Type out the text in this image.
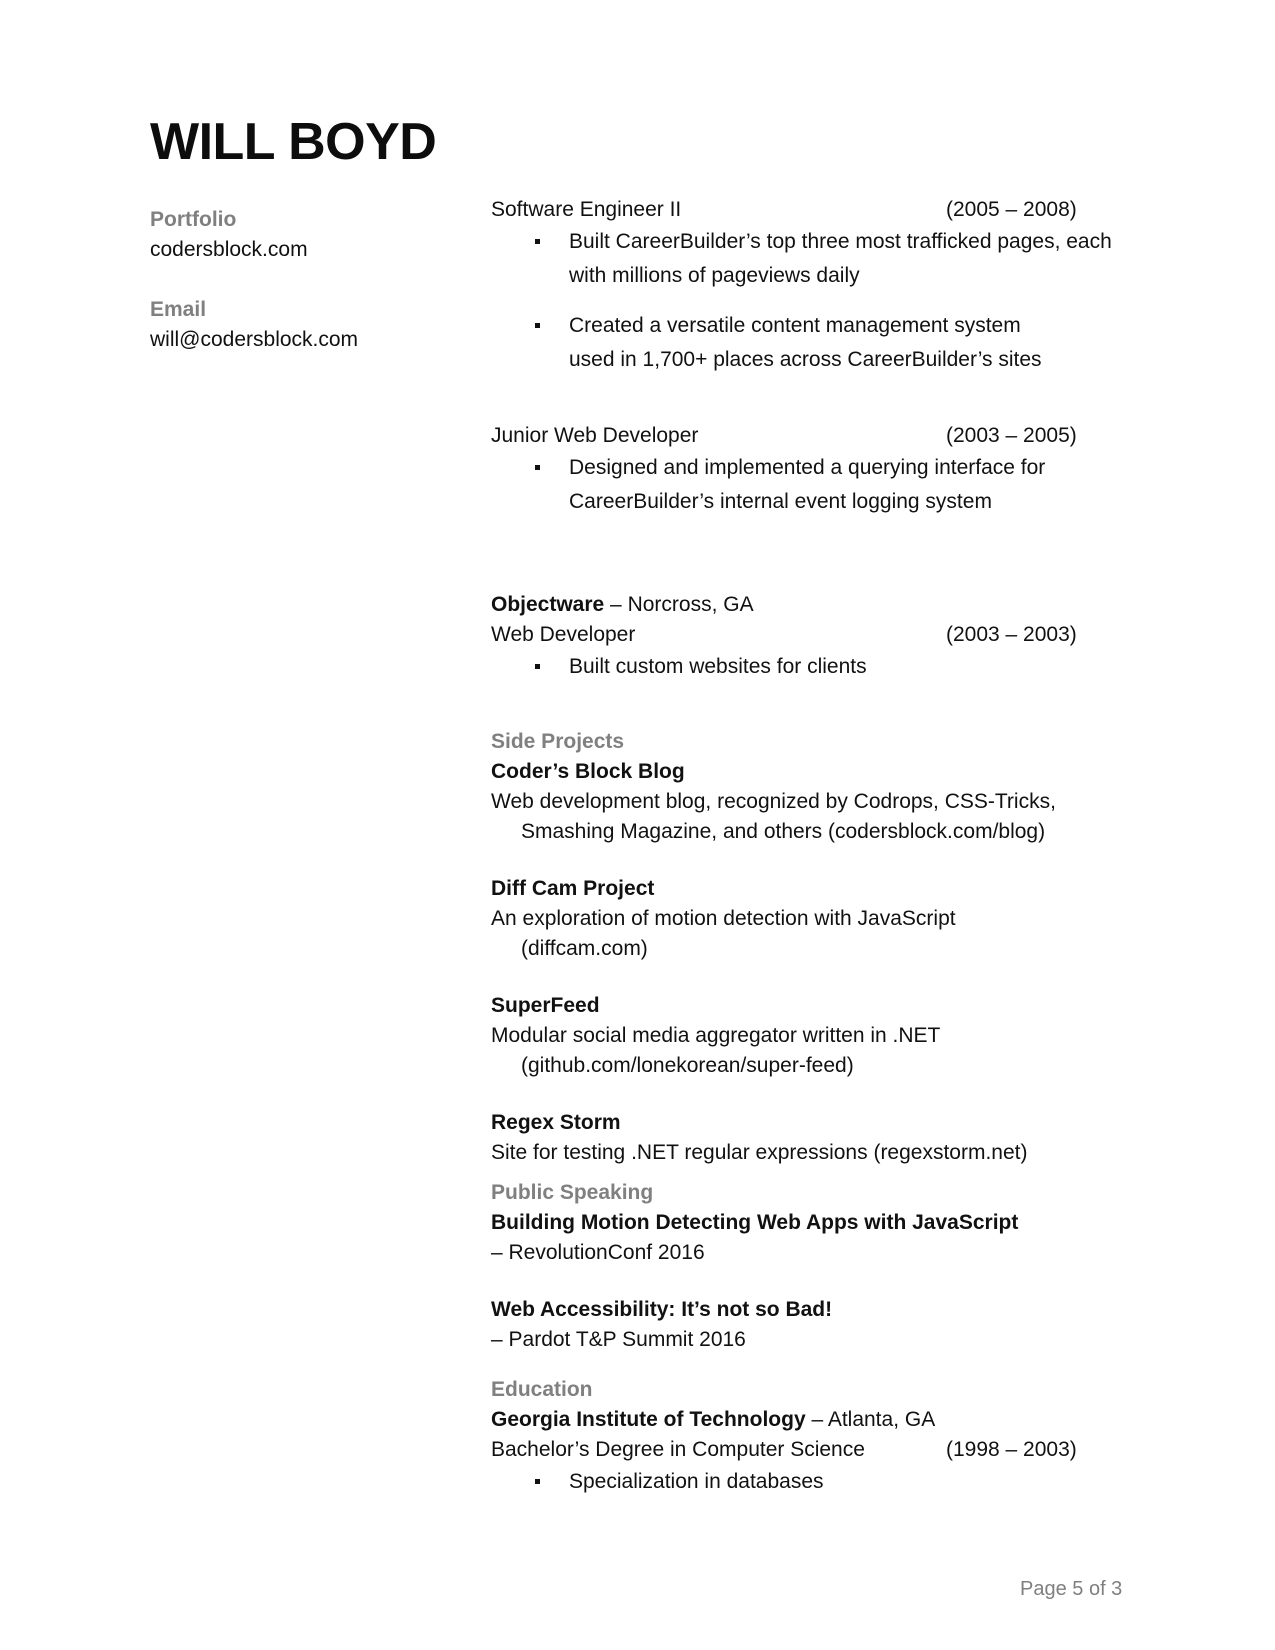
WILL BOYD
Portfolio
codersblock.com
Email
will@codersblock.com
Software Engineer II	(2005 – 2008)
Built CareerBuilder’s top three most trafficked pages, each with millions of pageviews daily
Created a versatile content management system used in 1,700+ places across CareerBuilder’s sites
Junior Web Developer	(2003 – 2005)
Designed and implemented a querying interface for CareerBuilder’s internal event logging system
Objectware – Norcross, GA
Web Developer	(2003 – 2003)
Built custom websites for clients
Side Projects
Coder’s Block Blog
Web development blog, recognized by Codrops, CSS-Tricks,
Smashing Magazine, and others (codersblock.com/blog)
Diff Cam Project
An exploration of motion detection with JavaScript
(diffcam.com)
SuperFeed
Modular social media aggregator written in .NET
(github.com/lonekorean/super-feed)
Regex Storm
Site for testing .NET regular expressions (regexstorm.net)
Public Speaking
Building Motion Detecting Web Apps with JavaScript
– RevolutionConf 2016
Web Accessibility: It’s not so Bad!
– Pardot T&P Summit 2016
Education
Georgia Institute of Technology – Atlanta, GA
Bachelor’s Degree in Computer Science	(1998 – 2003)
Specialization in databases
Page 5 of 3
